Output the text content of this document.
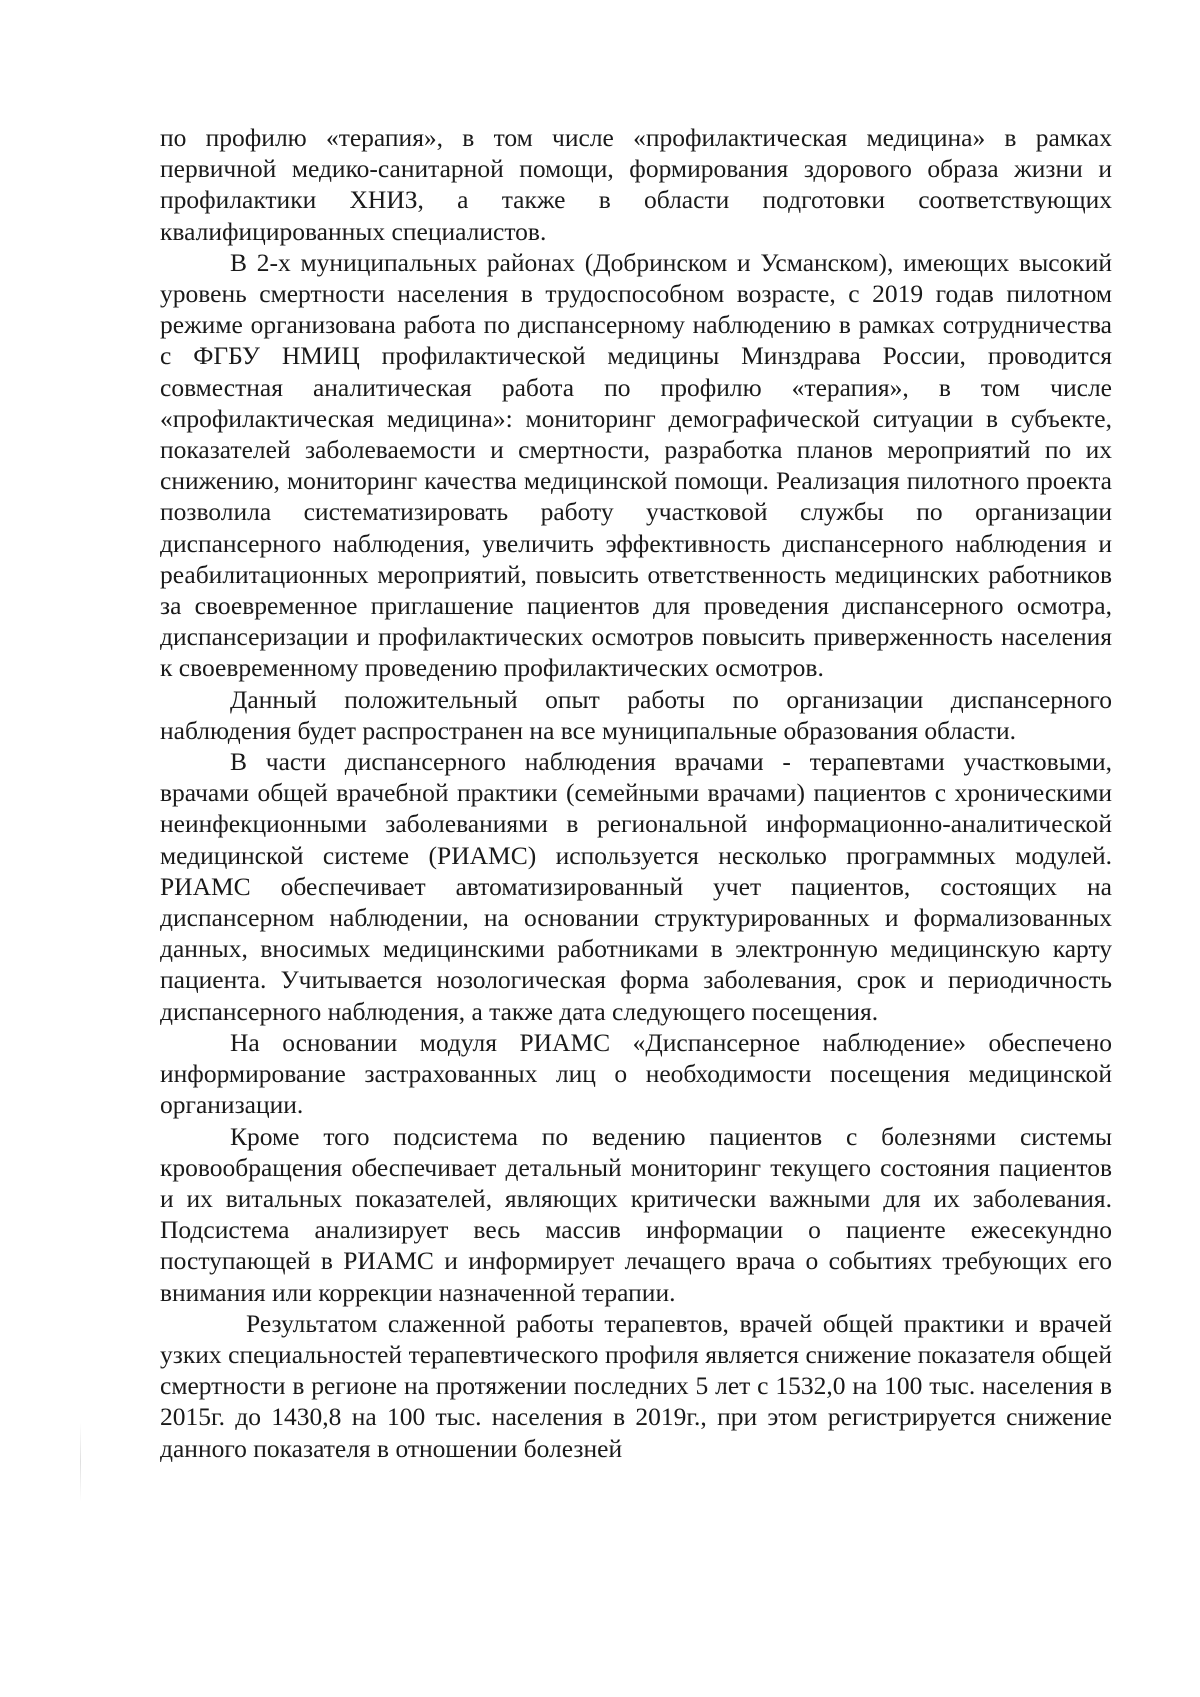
по профилю «терапия», в том числе «профилактическая медицина» в рамках первичной медико-санитарной помощи, формирования здорового образа жизни и профилактики ХНИЗ, а также в области подготовки соответствующих квалифицированных специалистов.

В 2-х муниципальных районах (Добринском и Усманском), имеющих высокий уровень смертности населения в трудоспособном возрасте, с 2019 годав пилотном режиме организована работа по диспансерному наблюдению в рамках сотрудничества с ФГБУ НМИЦ профилактической медицины Минздрава России, проводится совместная аналитическая работа по профилю «терапия», в том числе «профилактическая медицина»: мониторинг демографической ситуации в субъекте, показателей заболеваемости и смертности, разработка планов мероприятий по их снижению, мониторинг качества медицинской помощи. Реализация пилотного проекта позволила систематизировать работу участковой службы по организации диспансерного наблюдения, увеличить эффективность диспансерного наблюдения и реабилитационных мероприятий, повысить ответственность медицинских работников за своевременное приглашение пациентов для проведения диспансерного осмотра, диспансеризации и профилактических осмотров повысить приверженность населения к своевременному проведению профилактических осмотров.

Данный положительный опыт работы по организации диспансерного наблюдения будет распространен на все муниципальные образования области.

В части диспансерного наблюдения врачами - терапевтами участковыми, врачами общей врачебной практики (семейными врачами) пациентов с хроническими неинфекционными заболеваниями в региональной информационно-аналитической медицинской системе (РИАМС) используется несколько программных модулей. РИАМС обеспечивает автоматизированный учет пациентов, состоящих на диспансерном наблюдении, на основании структурированных и формализованных данных, вносимых медицинскими работниками в электронную медицинскую карту пациента. Учитывается нозологическая форма заболевания, срок и периодичность диспансерного наблюдения, а также дата следующего посещения.

На основании модуля РИАМС «Диспансерное наблюдение» обеспечено информирование застрахованных лиц о необходимости посещения медицинской организации.

Кроме того подсистема по ведению пациентов с болезнями системы кровообращения обеспечивает детальный мониторинг текущего состояния пациентов и их витальных показателей, являющих критически важными для их заболевания. Подсистема анализирует весь массив информации о пациенте ежесекундно поступающей в РИАМС и информирует лечащего врача о событиях требующих его внимания или коррекции назначенной терапии.

Результатом слаженной работы терапевтов, врачей общей практики и врачей узких специальностей терапевтического профиля является снижение показателя общей смертности в регионе на протяжении последних 5 лет с 1532,0 на 100 тыс. населения в 2015г. до 1430,8 на 100 тыс. населения в 2019г., при этом регистрируется снижение данного показателя в отношении болезней
